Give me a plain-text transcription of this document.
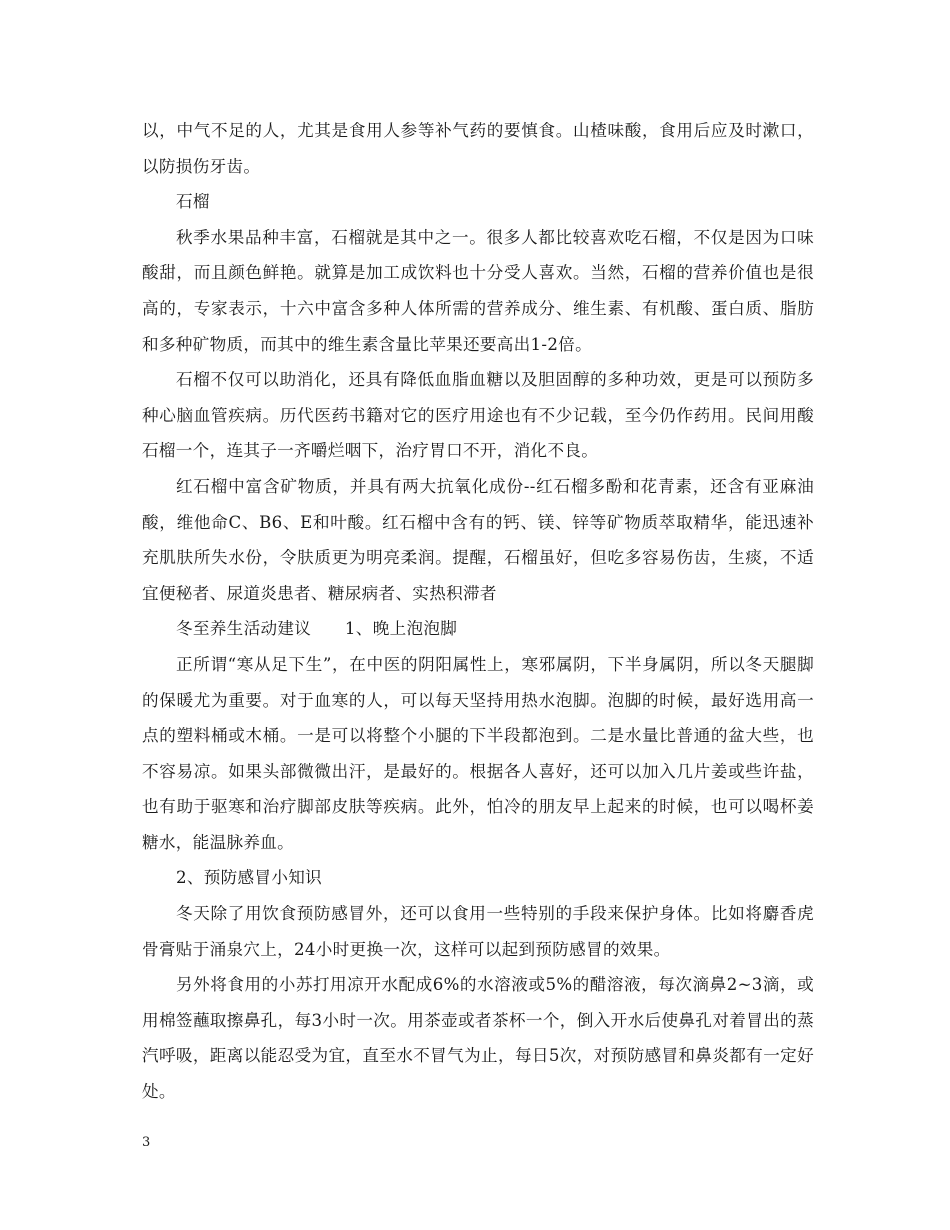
以，中气不足的人，尤其是食用人参等补气药的要慎食。山楂味酸，食用后应及时漱口，以防损伤牙齿。

石榴

秋季水果品种丰富，石榴就是其中之一。很多人都比较喜欢吃石榴，不仅是因为口味酸甜，而且颜色鲜艳。就算是加工成饮料也十分受人喜欢。当然，石榴的营养价值也是很高的，专家表示，十六中富含多种人体所需的营养成分、维生素、有机酸、蛋白质、脂肪和多种矿物质，而其中的维生素含量比苹果还要高出1-2倍。

石榴不仅可以助消化，还具有降低血脂血糖以及胆固醇的多种功效，更是可以预防多种心脑血管疾病。历代医药书籍对它的医疗用途也有不少记载，至今仍作药用。民间用酸石榴一个，连其子一齐嚼烂咽下，治疗胃口不开，消化不良。

红石榴中富含矿物质，并具有两大抗氧化成份--红石榴多酚和花青素，还含有亚麻油酸，维他命C、B6、E和叶酸。红石榴中含有的钙、镁、锌等矿物质萃取精华，能迅速补充肌肤所失水份，令肤质更为明亮柔润。提醒，石榴虽好，但吃多容易伤齿，生痰，不适宜便秘者、尿道炎患者、糖尿病者、实热积滞者

冬至养生活动建议　　1、晚上泡泡脚

正所谓“寒从足下生”，在中医的阴阳属性上，寒邪属阴，下半身属阴，所以冬天腿脚的保暖尤为重要。对于血寒的人，可以每天坚持用热水泡脚。泡脚的时候，最好选用高一点的塑料桶或木桶。一是可以将整个小腿的下半段都泡到。二是水量比普通的盆大些，也不容易凉。如果头部微微出汗，是最好的。根据各人喜好，还可以加入几片姜或些许盐，也有助于驱寒和治疗脚部皮肤等疾病。此外，怕冷的朋友早上起来的时候，也可以喝杯姜糖水，能温脉养血。

2、预防感冒小知识

冬天除了用饮食预防感冒外，还可以食用一些特别的手段来保护身体。比如将麝香虎骨膏贴于涌泉穴上，24小时更换一次，这样可以起到预防感冒的效果。

另外将食用的小苏打用凉开水配成6%的水溶液或5%的醋溶液，每次滴鼻2~3滴，或用棉签蘸取擦鼻孔，每3小时一次。用茶壶或者茶杯一个，倒入开水后使鼻孔对着冒出的蒸汽呼吸，距离以能忍受为宜，直至水不冒气为止，每日5次，对预防感冒和鼻炎都有一定好处。

3
